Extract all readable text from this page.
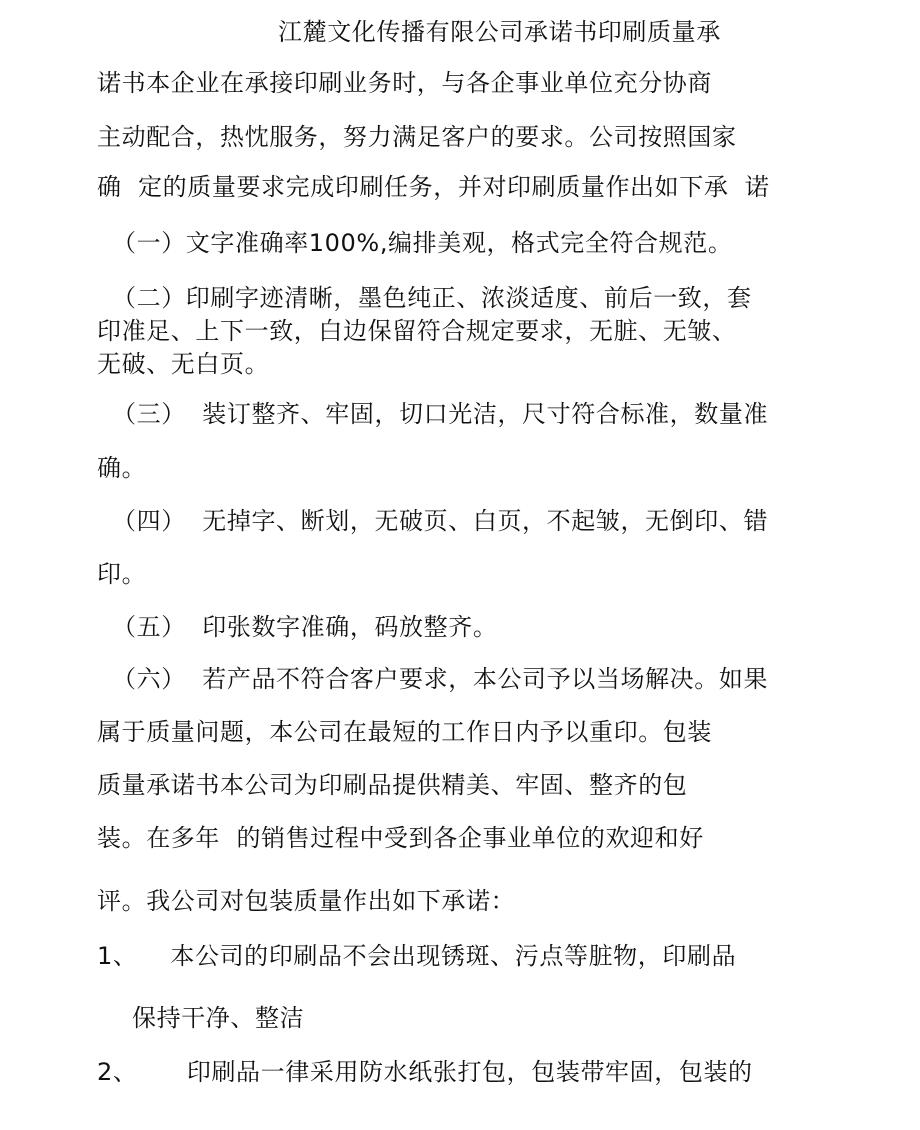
江麓文化传播有限公司承诺书印刷质量承
诺书本企业在承接印刷业务时，与各企事业单位充分协商
主动配合，热忱服务，努力满足客户的要求。公司按照国家
确  定的质量要求完成印刷任务，并对印刷质量作出如下承  诺
（一）文字准确率100%,编排美观，格式完全符合规范。
（二）印刷字迹清晰，墨色纯正、浓淡适度、前后一致，套
印准足、上下一致，白边保留符合规定要求，无脏、无皱、
无破、无白页。
（三）  装订整齐、牢固，切口光洁，尺寸符合标准，数量准
确。
（四）  无掉字、断划，无破页、白页，不起皱，无倒印、错
印。
（五）  印张数字准确，码放整齐。
（六）  若产品不符合客户要求，本公司予以当场解决。如果
属于质量问题，本公司在最短的工作日内予以重印。包装
质量承诺书本公司为印刷品提供精美、牢固、整齐的包
装。在多年  的销售过程中受到各企事业单位的欢迎和好
评。我公司对包装质量作出如下承诺：
1、    本公司的印刷品不会出现锈斑、污点等脏物，印刷品
保持干净、整洁
2、      印刷品一律采用防水纸张打包，包装带牢固，包装的
